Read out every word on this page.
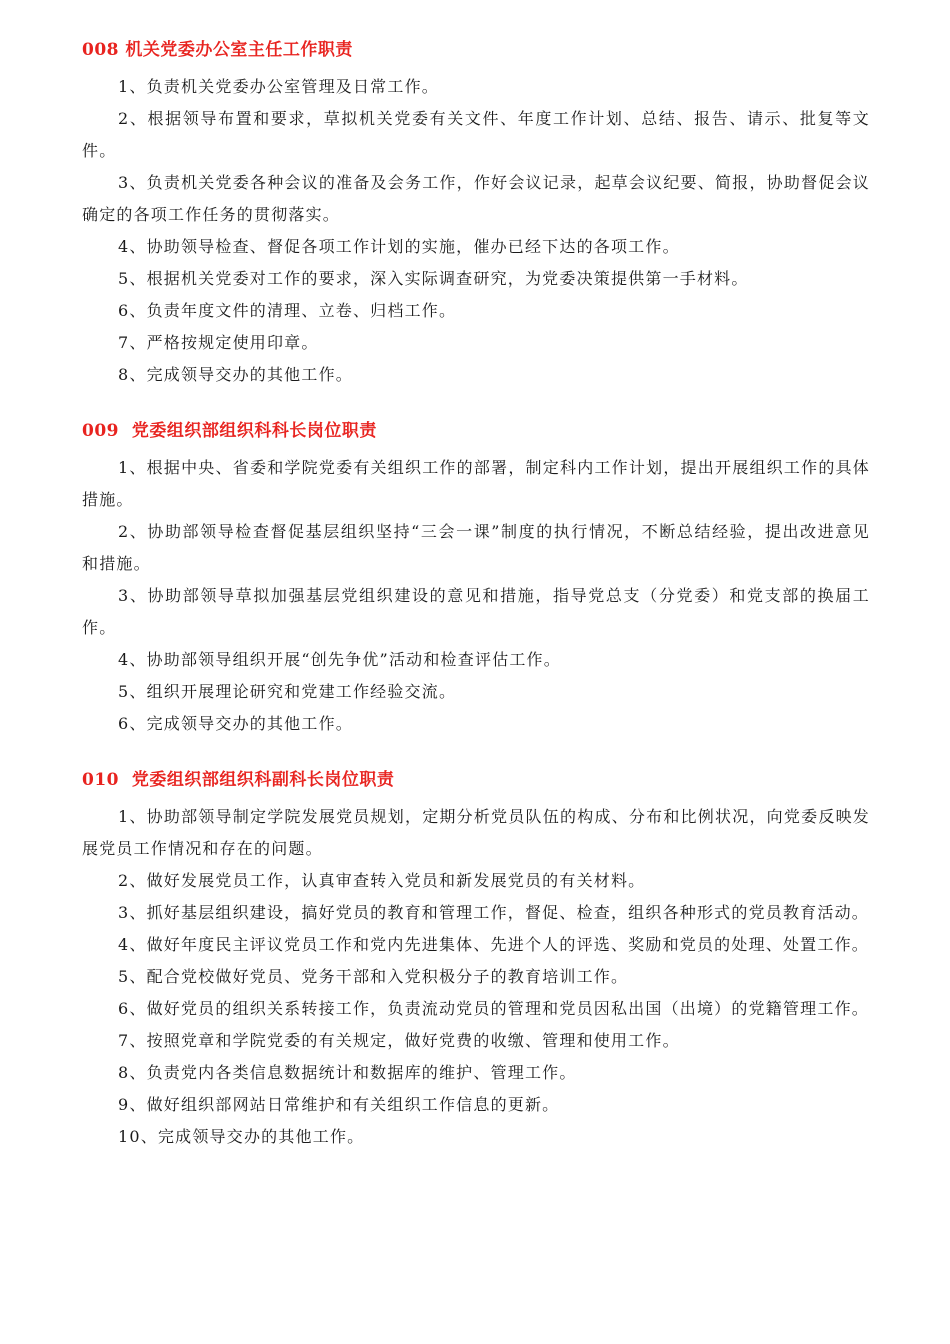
008 机关党委办公室主任工作职责

1、负责机关党委办公室管理及日常工作。

2、根据领导布置和要求，草拟机关党委有关文件、年度工作计划、总结、报告、请示、批复等文件。

3、负责机关党委各种会议的准备及会务工作，作好会议记录，起草会议纪要、简报，协助督促会议确定的各项工作任务的贯彻落实。

4、协助领导检查、督促各项工作计划的实施，催办已经下达的各项工作。

5、根据机关党委对工作的要求，深入实际调查研究，为党委决策提供第一手材料。

6、负责年度文件的清理、立卷、归档工作。

7、严格按规定使用印章。

8、完成领导交办的其他工作。

009  党委组织部组织科科长岗位职责

1、根据中央、省委和学院党委有关组织工作的部署，制定科内工作计划，提出开展组织工作的具体措施。

2、协助部领导检查督促基层组织坚持“三会一课”制度的执行情况，不断总结经验，提出改进意见和措施。

3、协助部领导草拟加强基层党组织建设的意见和措施，指导党总支（分党委）和党支部的换届工作。

4、协助部领导组织开展“创先争优”活动和检查评估工作。

5、组织开展理论研究和党建工作经验交流。

6、完成领导交办的其他工作。

010  党委组织部组织科副科长岗位职责

1、协助部领导制定学院发展党员规划，定期分析党员队伍的构成、分布和比例状况，向党委反映发展党员工作情况和存在的问题。

2、做好发展党员工作，认真审查转入党员和新发展党员的有关材料。

3、抓好基层组织建设，搞好党员的教育和管理工作，督促、检查，组织各种形式的党员教育活动。

4、做好年度民主评议党员工作和党内先进集体、先进个人的评选、奖励和党员的处理、处置工作。

5、配合党校做好党员、党务干部和入党积极分子的教育培训工作。

6、做好党员的组织关系转接工作，负责流动党员的管理和党员因私出国（出境）的党籍管理工作。

7、按照党章和学院党委的有关规定，做好党费的收缴、管理和使用工作。

8、负责党内各类信息数据统计和数据库的维护、管理工作。

9、做好组织部网站日常维护和有关组织工作信息的更新。

10、完成领导交办的其他工作。
